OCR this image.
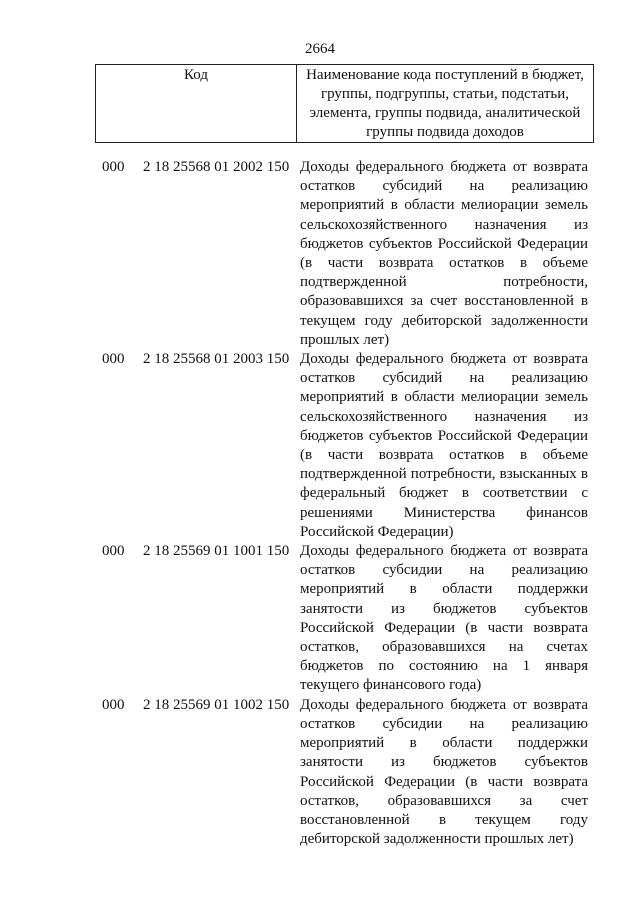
2664
Код	Наименование кода поступлений в бюджет, группы, подгруппы, статьи, подстатьи, элемента, группы подвида, аналитической группы подвида доходов
000 2 18 25568 01 2002 150 Доходы федерального бюджета от возврата остатков субсидий на реализацию мероприятий в области мелиорации земель сельскохозяйственного назначения из бюджетов субъектов Российской Федерации (в части возврата остатков в объеме подтвержденной потребности, образовавшихся за счет восстановленной в текущем году дебиторской задолженности прошлых лет)
000 2 18 25568 01 2003 150 Доходы федерального бюджета от возврата остатков субсидий на реализацию мероприятий в области мелиорации земель сельскохозяйственного назначения из бюджетов субъектов Российской Федерации (в части возврата остатков в объеме подтвержденной потребности, взысканных в федеральный бюджет в соответствии с решениями Министерства финансов Российской Федерации)
000 2 18 25569 01 1001 150 Доходы федерального бюджета от возврата остатков субсидии на реализацию мероприятий в области поддержки занятости из бюджетов субъектов Российской Федерации (в части возврата остатков, образовавшихся на счетах бюджетов по состоянию на 1 января текущего финансового года)
000 2 18 25569 01 1002 150 Доходы федерального бюджета от возврата остатков субсидии на реализацию мероприятий в области поддержки занятости из бюджетов субъектов Российской Федерации (в части возврата остатков, образовавшихся за счет восстановленной в текущем году дебиторской задолженности прошлых лет)
